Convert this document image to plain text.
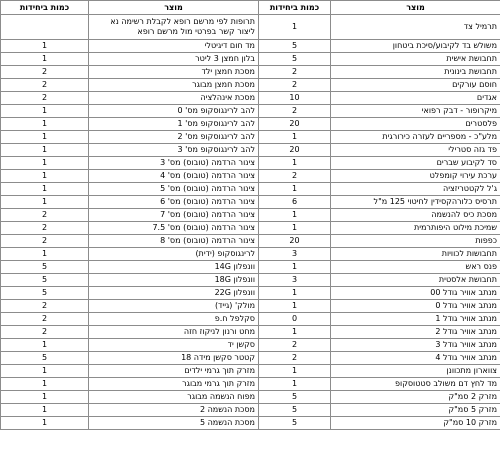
כמות ביחידות	מוצר	כמות ביחידות	מוצר
	תרופות לפי מרשם רופא לקבלת רשימה נא ליצור קשר בפרטי מול מרשם רופא	1	תרמיל צד
1	מד חום דיגיטלי	5	משולש בד לקיבוע/סיכת ביטחון
1	בלון חמצן 3 ליטר	5	תחבושת אישית
2	מסכת חמצן ילד	2	תחבושת בינונית
2	מסכת חמצן מבוגר	2	חוסם עורקים
2	מסכת אינהלציה	10	אגדים
1	להב לרינגוסקופ מס' 0	2	מיקרופור - דבק רפואי
1	להב לרינגוסקופ מס' 1	20	פלסטרים
1	להב לרינגוסקופ מס' 2	1	מלע"כ - מספריים לעזרה כירורגית
1	להב לרינגוסקופ מס' 3	20	פד גזה סטרילי
1	צינור הרדמה (טובוס) מס' 3	1	סד לקיבוע שברים
1	צינור הרדמה (טובוס) מס' 4	2	ערכת עירוי קומפלט
1	צינור הרדמה (טובוס) מס' 5	1	ג'ל לקטטריזציה
1	צינור הרדמה (טובוס) מס' 6	6	תרסיס כלורהקסידין לחיטוי 125 מ"ל
2	צינור הרדמה (טובוס) מס' 7	1	מסכת כיס להנשמה
2	צינור הרדמה (טובוס) מס' 7.5	1	שמיכת מילוט היפותרמית
2	צינור הרדמה (טובוס) מס' 8	20	כפפות
1	לרינגוסקופ (ידית)	3	תחבושות לכוויות
5	וונפלון 14G	1	פנס ראש
5	וונפלון 18G	3	תחבושת אלסטית
5	וונפלון 22G	1	מנתב אוויר גודל 00
2	מולק' (גייד)	1	מנתב אוויר גודל 0
2	סקלפל ח.פ	0	מנתב אוויר גודל 1
2	מחט ורנון לניקוז חזה	1	מנתב אוויר גודל 2
1	סקשן יד	2	מנתב אוויר גודל 3
5	קטטר סקשן מידה 18	2	מנתב אוויר גודל 4
1	מזרק תוך גרמי ילדים	1	צווארון מתכוונן
1	מזרק תוך גרמי מבוגר	1	מד לחץ דם משולב סטטוסקופ
1	מפוח הנשמה מבוגר	5	מזרק 2 סמ"ק
1	מסכת הנשמה 2	5	מזרק 5 סמ"ק
1	מסכת הנשמה 5	5	מזרק 10 סמ"ק
